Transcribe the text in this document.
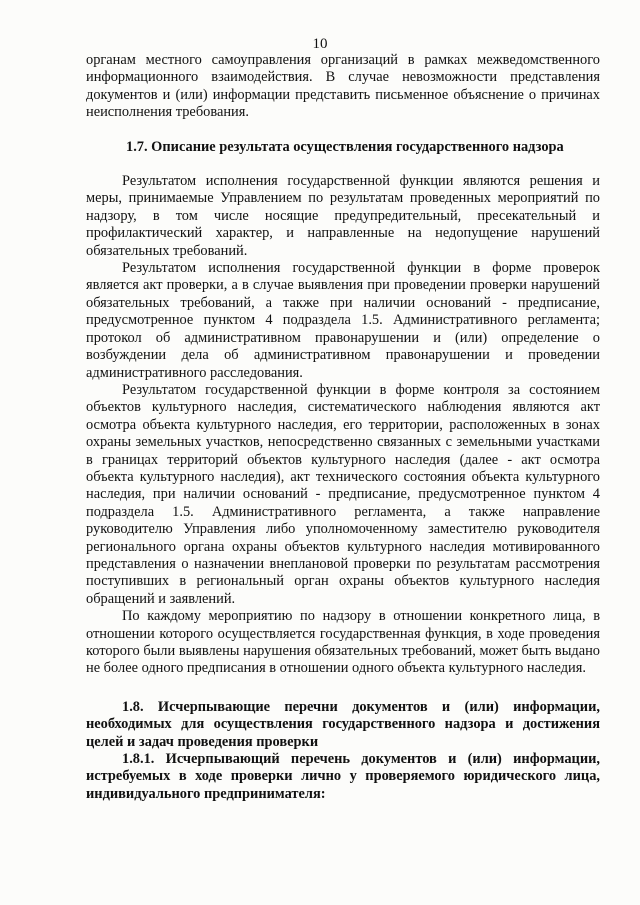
10

органам местного самоуправления организаций в рамках межведомственного информационного взаимодействия. В случае невозможности представления документов и (или) информации представить письменное объяснение о причинах неисполнения требования.

1.7. Описание результата осуществления государственного надзора

Результатом исполнения государственной функции являются решения и меры, принимаемые Управлением по результатам проведенных мероприятий по надзору, в том числе носящие предупредительный, пресекательный и профилактический характер, и направленные на недопущение нарушений обязательных требований.

Результатом исполнения государственной функции в форме проверок является акт проверки, а в случае выявления при проведении проверки нарушений обязательных требований, а также при наличии оснований - предписание, предусмотренное пунктом 4 подраздела 1.5. Административного регламента; протокол об административном правонарушении и (или) определение о возбуждении дела об административном правонарушении и проведении административного расследования.

Результатом государственной функции в форме контроля за состоянием объектов культурного наследия, систематического наблюдения являются акт осмотра объекта культурного наследия, его территории, расположенных в зонах охраны земельных участков, непосредственно связанных с земельными участками в границах территорий объектов культурного наследия (далее - акт осмотра объекта культурного наследия), акт технического состояния объекта культурного наследия, при наличии оснований - предписание, предусмотренное пунктом 4 подраздела 1.5. Административного регламента, а также направление руководителю Управления либо уполномоченному заместителю руководителя регионального органа охраны объектов культурного наследия мотивированного представления о назначении внеплановой проверки по результатам рассмотрения поступивших в региональный орган охраны объектов культурного наследия обращений и заявлений.

По каждому мероприятию по надзору в отношении конкретного лица, в отношении которого осуществляется государственная функция, в ходе проведения которого были выявлены нарушения обязательных требований, может быть выдано не более одного предписания в отношении одного объекта культурного наследия.

1.8. Исчерпывающие перечни документов и (или) информации, необходимых для осуществления государственного надзора и достижения целей и задач проведения проверки

1.8.1. Исчерпывающий перечень документов и (или) информации, истребуемых в ходе проверки лично у проверяемого юридического лица, индивидуального предпринимателя:
